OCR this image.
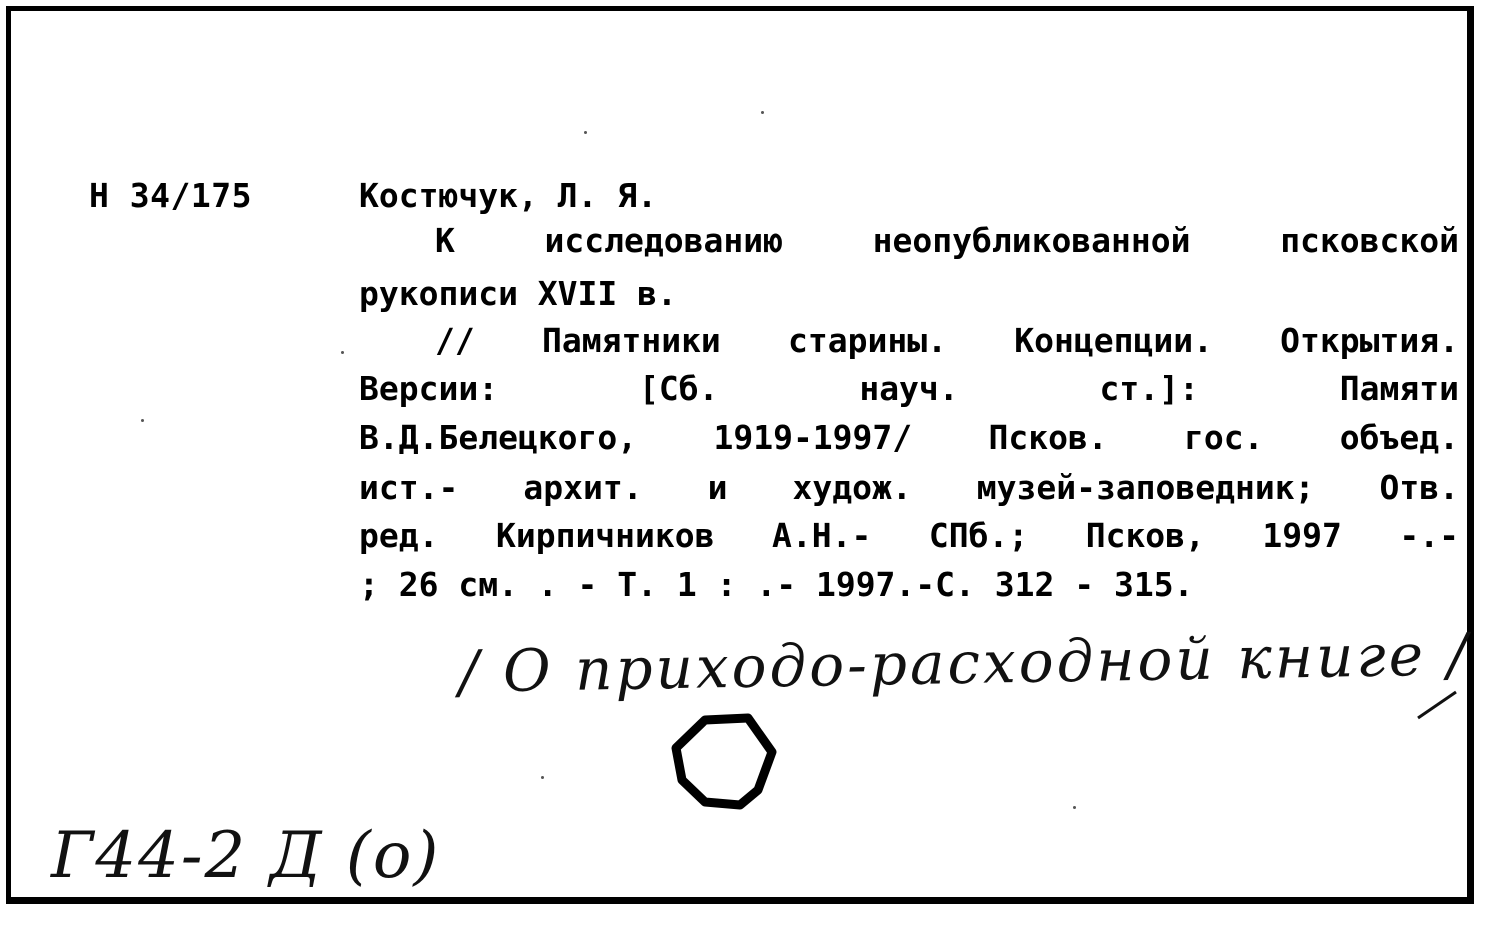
Н 34/175	Костючук, Л. Я.
К исследованию неопубликованной псковской
рукописи XVII в.
// Памятники старины. Концепции. Открытия.
Версии: [Сб. науч. ст.]: Памяти
В.Д.Белецкого, 1919-1997/ Псков. гос. объед.
ист.- архит. и худож. музей-заповедник; Отв.
ред. Кирпичников А.Н.- СПб.; Псков, 1997 -.-
; 26 см. . - Т. 1 : .- 1997.-С. 312 - 315.
/ О приходо-расходной книге /
Г44-2 Д (о)
